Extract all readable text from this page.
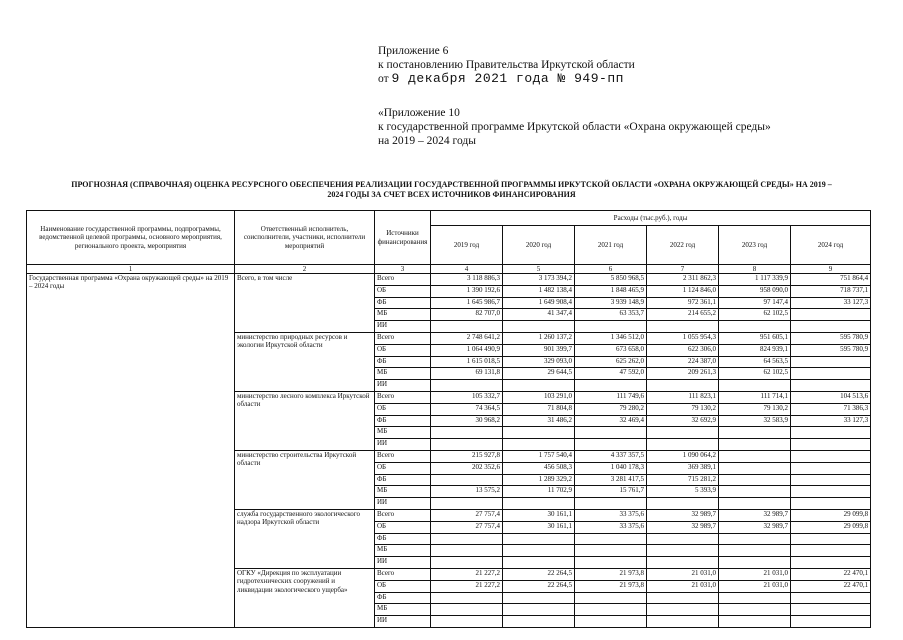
Приложение 6
к постановлению Правительства Иркутской области
от 9 декабря 2021 года № 949-пп
«Приложение 10
к государственной программе Иркутской области «Охрана окружающей среды»
на 2019 – 2024 годы
ПРОГНОЗНАЯ (СПРАВОЧНАЯ) ОЦЕНКА РЕСУРСНОГО ОБЕСПЕЧЕНИЯ РЕАЛИЗАЦИИ ГОСУДАРСТВЕННОЙ ПРОГРАММЫ ИРКУТСКОЙ ОБЛАСТИ «ОХРАНА ОКРУЖАЮЩЕЙ СРЕДЫ» НА 2019 –
2024 ГОДЫ ЗА СЧЕТ ВСЕХ ИСТОЧНИКОВ ФИНАНСИРОВАНИЯ
Наименование государственной программы, подпрограммы, ведомственной целевой программы, основного мероприятия, регионального проекта, мероприятия	Ответственный исполнитель, соисполнители, участники, исполнители мероприятий	Источники финансирования	Расходы (тыс.руб.), годы					
			2019 год	2020 год	2021 год	2022 год	2023 год	2024 год
1	2	3	4	5	6	7	8	9
Государственная программа «Охрана окружающей среды» на 2019 – 2024 годы	Всего, в том числе	Всего	3 118 886,3	3 173 394,2	5 850 968,5	2 311 862,3	1 117 339,9	751 864,4
		ОБ	1 390 192,6	1 482 138,4	1 848 465,9	1 124 846,0	958 090,0	718 737,1
		ФБ	1 645 986,7	1 649 908,4	3 939 148,9	972 361,1	97 147,4	33 127,3
		МБ	82 707,0	41 347,4	63 353,7	214 655,2	62 102,5	
		ИИ						
	министерство природных ресурсов и экологии Иркутской области	Всего	2 748 641,2	1 260 137,2	1 346 512,0	1 055 954,3	951 605,1	595 780,9
		ОБ	1 064 490,9	901 399,7	673 658,0	622 306,0	824 939,1	595 780,9
		ФБ	1 615 018,5	329 093,0	625 262,0	224 387,0	64 563,5	
		МБ	69 131,8	29 644,5	47 592,0	209 261,3	62 102,5	
		ИИ						
	министерство лесного комплекса Иркутской области	Всего	105 332,7	103 291,0	111 749,6	111 823,1	111 714,1	104 513,6
		ОБ	74 364,5	71 804,8	79 280,2	79 130,2	79 130,2	71 386,3
		ФБ	30 968,2	31 486,2	32 469,4	32 692,9	32 583,9	33 127,3
		МБ						
		ИИ						
	министерство строительства Иркутской области	Всего	215 927,8	1 757 540,4	4 337 357,5	1 090 064,2		
		ОБ	202 352,6	456 508,3	1 040 178,3	369 389,1		
		ФБ		1 289 329,2	3 281 417,5	715 281,2		
		МБ	13 575,2	11 702,9	15 761,7	5 393,9		
		ИИ						
	служба государственного экологического надзора Иркутской области	Всего	27 757,4	30 161,1	33 375,6	32 989,7	32 989,7	29 099,8
		ОБ	27 757,4	30 161,1	33 375,6	32 989,7	32 989,7	29 099,8
		ФБ						
		МБ						
		ИИ						
	ОГКУ «Дирекция по эксплуатации гидротехнических сооружений и ликвидации экологического ущерба»	Всего	21 227,2	22 264,5	21 973,8	21 031,0	21 031,0	22 470,1
		ОБ	21 227,2	22 264,5	21 973,8	21 031,0	21 031,0	22 470,1
		ФБ						
		МБ						
		ИИ						
